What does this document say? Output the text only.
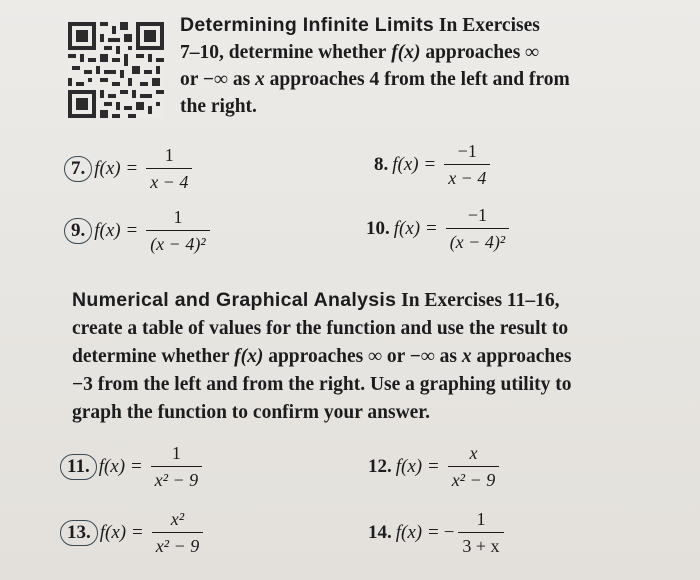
Determining Infinite Limits In Exercises
7–10, determine whether f(x) approaches ∞
or −∞ as x approaches 4 from the left and from
the right.
7. $f(x) = \frac{1}{x - 4}$	8. $f(x) = \frac{-1}{x - 4}$
9. $f(x) = \frac{1}{\text{(x − 4)²}}$	10. $f(x) = \frac{-1}{\text{(x − 4)²}}$
Numerical and Graphical Analysis In Exercises 11–16,
create a table of values for the function and use the result to
determine whether f(x) approaches ∞ or −∞ as x approaches
−3 from the left and from the right. Use a graphing utility to
graph the function to confirm your answer.
11. $f(x) = \frac{1}{\text{x² − 9}}$	12. $f(x) = \frac{x}{\text{x² − 9}}$
13. $f(x) = \frac{\text{x²}}{\text{x² − 9}}$	14. f(x) = − $\frac{1}{3 + x}$
